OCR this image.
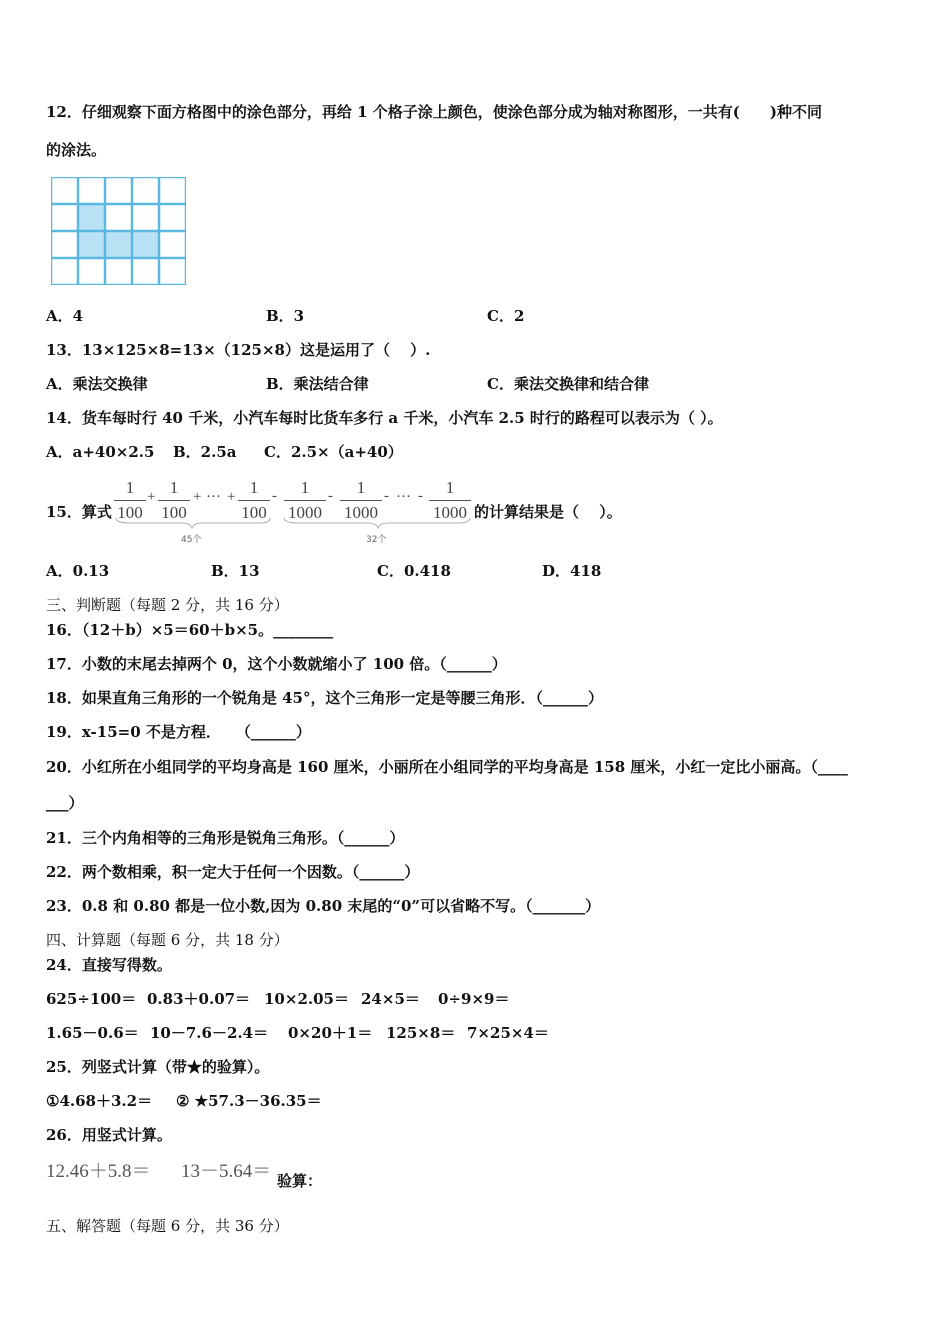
12．仔细观察下面方格图中的涂色部分，再给 1 个格子涂上颜色，使涂色部分成为轴对称图形，一共有(　　)种不同
的涂法。
A．4	B．3	C．2
13．13×125×8=13×（125×8）这是运用了（　 ）.
A．乘法交换律	B．乘法结合律	C．乘法交换律和结合律
14．货车每时行 40 千米，小汽车每时比货车多行 a 千米，小汽车 2.5 时行的路程可以表示为（ ）。
A．a+40×2.5 B．2.5a C．2.5×（a+40）
15．算式
1
100
+ 1
100
+ ··· + 1
100
-	1
1000
-	1
1000
- ··· -	1
1000
45个	32个
的计算结果是（　 ）。
A．0.13	B．13	C．0.418	D．418
三、判断题（每题 2 分，共 16 分）
16．（12＋b）×5＝60＋b×5。________
17．小数的末尾去掉两个 0，这个小数就缩小了 100 倍。（______）
18．如果直角三角形的一个锐角是 45°，这个三角形一定是等腰三角形．（______）
19．x-15=0 不是方程．　　（______）
20．小红所在小组同学的平均身高是 160 厘米，小丽所在小组同学的平均身高是 158 厘米，小红一定比小丽高。（____
___）
21．三个内角相等的三角形是锐角三角形。（______）
22．两个数相乘，积一定大于任何一个因数。（______）
23．0.8 和 0.80 都是一位小数,因为 0.80 末尾的“0”可以省略不写。（_______）
四、计算题（每题 6 分，共 18 分）
24．直接写得数。
625÷100＝ 0.83＋0.07＝ 10×2.05＝ 24×5＝ 0÷9×9＝
1.65－0.6＝ 10－7.6－2.4＝ 0×20＋1＝ 125×8＝ 7×25×4＝
25．列竖式计算（带★的验算）。
①4.68＋3.2＝ ② ★57.3－36.35＝
26．用竖式计算。
12.46＋5.8＝ 13－5.64＝ 验算：
五、解答题（每题 6 分，共 36 分）
